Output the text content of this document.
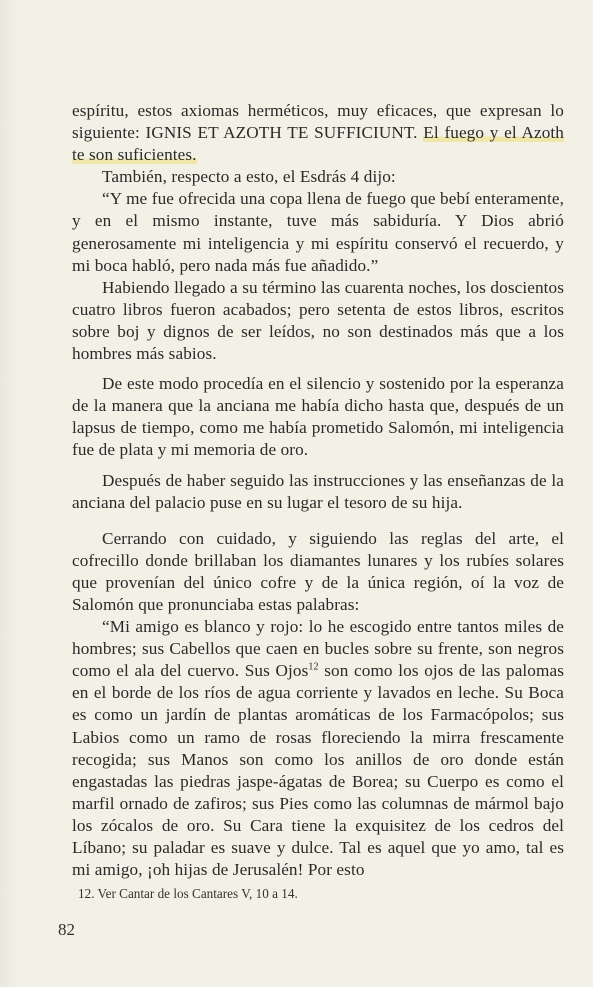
espíritu, estos axiomas herméticos, muy eficaces, que expresan lo siguiente: IGNIS ET AZOTH TE SUFFICIUNT. El fuego y el Azoth te son suficientes.

También, respecto a esto, el Esdrás 4 dijo:

“Y me fue ofrecida una copa llena de fuego que bebí enteramente, y en el mismo instante, tuve más sabiduría. Y Dios abrió generosamente mi inteligencia y mi espíritu conservó el recuerdo, y mi boca habló, pero nada más fue añadido.”

Habiendo llegado a su término las cuarenta noches, los doscientos cuatro libros fueron acabados; pero setenta de estos libros, escritos sobre boj y dignos de ser leídos, no son destinados más que a los hombres más sabios.

De este modo procedía en el silencio y sostenido por la esperanza de la manera que la anciana me había dicho hasta que, después de un lapsus de tiempo, como me había prometido Salomón, mi inteligencia fue de plata y mi memoria de oro.

Después de haber seguido las instrucciones y las enseñanzas de la anciana del palacio puse en su lugar el tesoro de su hija.

Cerrando con cuidado, y siguiendo las reglas del arte, el cofrecillo donde brillaban los diamantes lunares y los rubíes solares que provenían del único cofre y de la única región, oí la voz de Salomón que pronunciaba estas palabras:

“Mi amigo es blanco y rojo: lo he escogido entre tantos miles de hombres; sus Cabellos que caen en bucles sobre su frente, son negros como el ala del cuervo. Sus Ojos$^{12}$ son como los ojos de las palomas en el borde de los ríos de agua corriente y lavados en leche. Su Boca es como un jardín de plantas aromáticas de los Farmacópolos; sus Labios como un ramo de rosas floreciendo la mirra frescamente recogida; sus Manos son como los anillos de oro donde están engastadas las piedras jaspe-ágatas de Borea; su Cuerpo es como el marfil ornado de zafiros; sus Pies como las columnas de mármol bajo los zócalos de oro. Su Cara tiene la exquisitez de los cedros del Líbano; su paladar es suave y dulce. Tal es aquel que yo amo, tal es mi amigo, ¡oh hijas de Jerusalén! Por esto

12. Ver Cantar de los Cantares V, 10 a 14.
82
